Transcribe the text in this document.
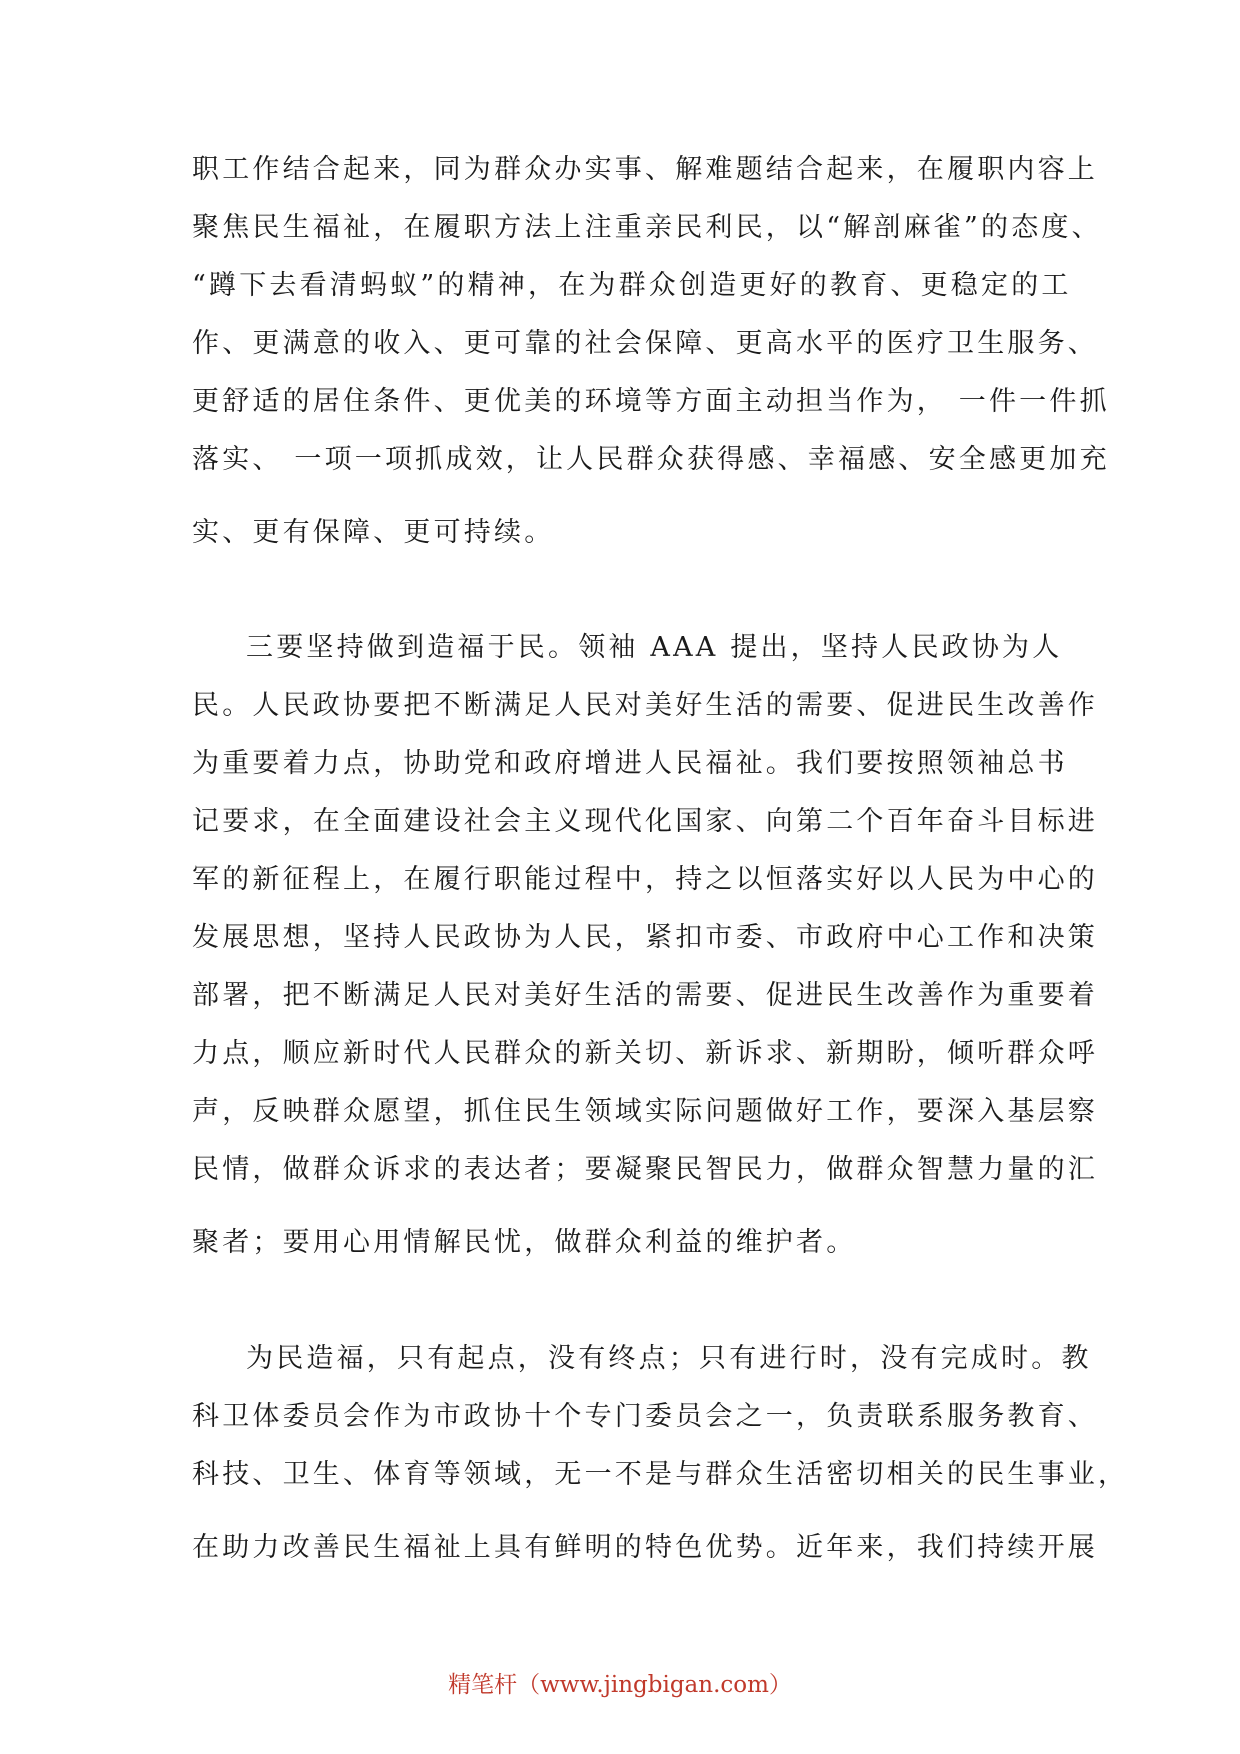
职工作结合起来，同为群众办实事、解难题结合起来，在履职内容上
聚焦民生福祉，在履职方法上注重亲民利民，以“解剖麻雀”的态度、
“蹲下去看清蚂蚁”的精神，在为群众创造更好的教育、更稳定的工
作、更满意的收入、更可靠的社会保障、更高水平的医疗卫生服务、
更舒适的居住条件、更优美的环境等方面主动担当作为， 一件一件抓
落实、 一项一项抓成效，让人民群众获得感、幸福感、安全感更加充
实、更有保障、更可持续。
三要坚持做到造福于民。领袖 AAA 提出，坚持人民政协为人
民。人民政协要把不断满足人民对美好生活的需要、促进民生改善作
为重要着力点，协助党和政府增进人民福祉。我们要按照领袖总书
记要求，在全面建设社会主义现代化国家、向第二个百年奋斗目标进
军的新征程上，在履行职能过程中，持之以恒落实好以人民为中心的
发展思想，坚持人民政协为人民，紧扣市委、市政府中心工作和决策
部署，把不断满足人民对美好生活的需要、促进民生改善作为重要着
力点，顺应新时代人民群众的新关切、新诉求、新期盼，倾听群众呼
声，反映群众愿望，抓住民生领域实际问题做好工作，要深入基层察
民情，做群众诉求的表达者；要凝聚民智民力，做群众智慧力量的汇
聚者；要用心用情解民忧，做群众利益的维护者。
为民造福，只有起点，没有终点；只有进行时，没有完成时。教
科卫体委员会作为市政协十个专门委员会之一，负责联系服务教育、
科技、卫生、体育等领域，无一不是与群众生活密切相关的民生事业，
在助力改善民生福祉上具有鲜明的特色优势。近年来，我们持续开展
精笔杆（www.jingbigan.com）
